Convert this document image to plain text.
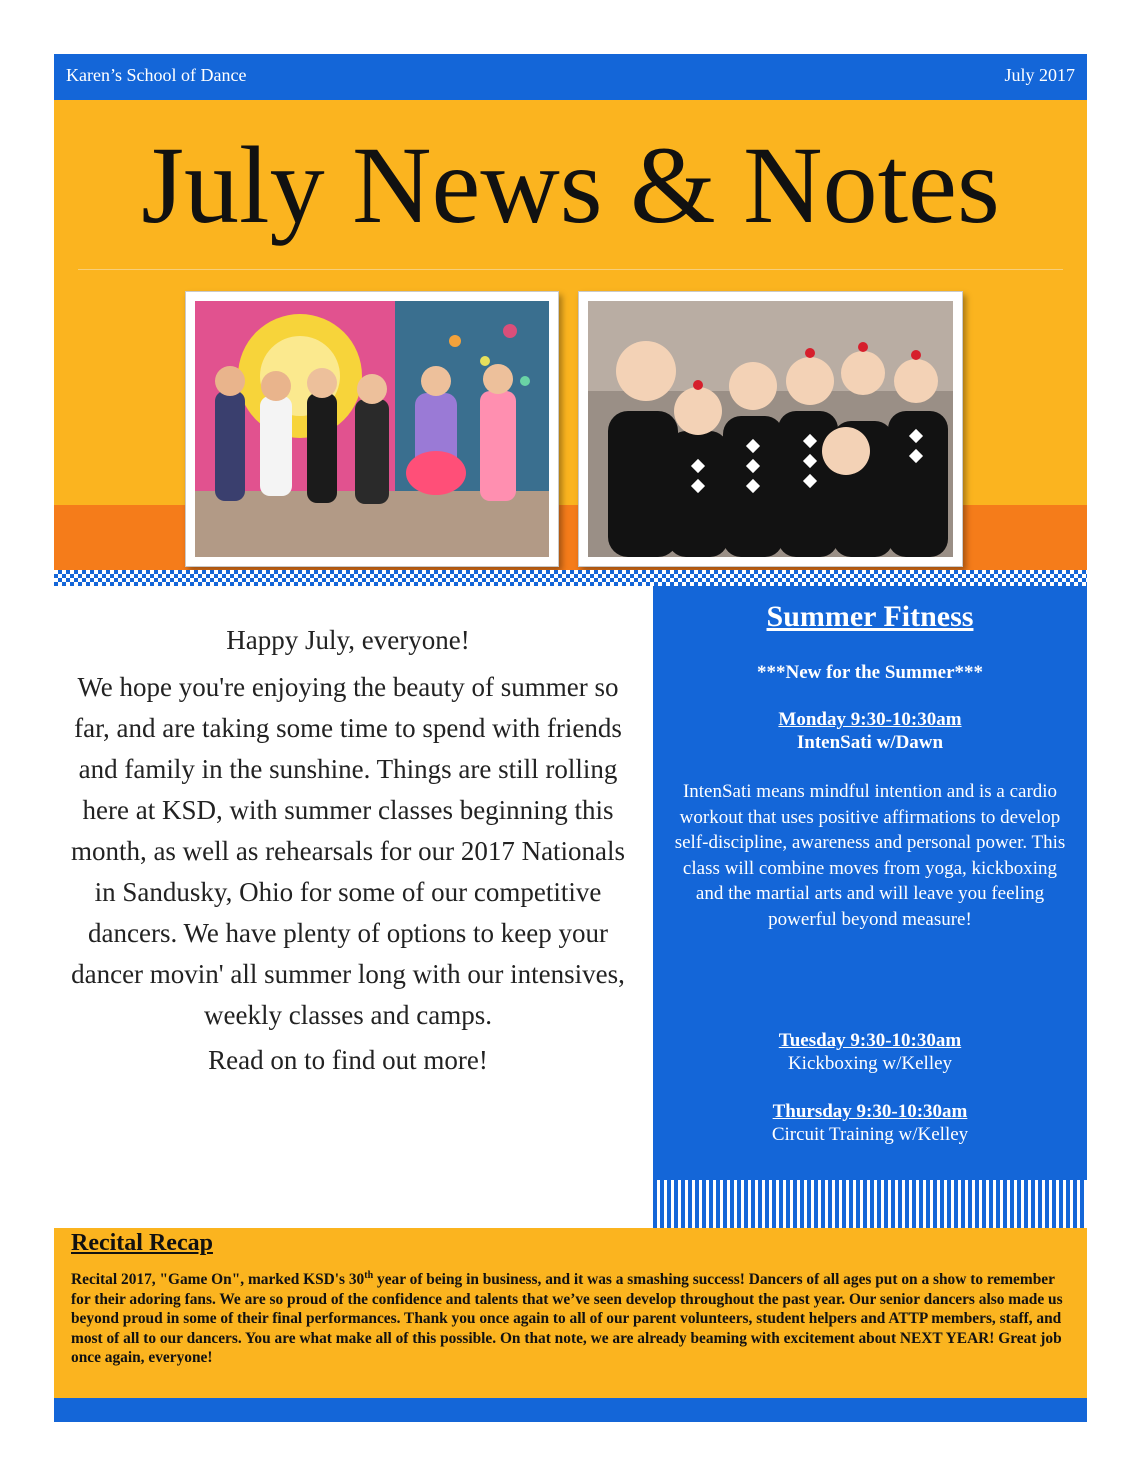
Karen’s School of Dance	July 2017
July News & Notes

Happy July, everyone!

We hope you're enjoying the beauty of summer so far, and are taking some time to spend with friends and family in the sunshine. Things are still rolling here at KSD, with summer classes beginning this month, as well as rehearsals for our 2017 Nationals in Sandusky, Ohio for some of our competitive dancers. We have plenty of options to keep your dancer movin' all summer long with our intensives, weekly classes and camps.

Read on to find out more!

Summer Fitness
***New for the Summer***
Monday 9:30-10:30am
IntenSati w/Dawn
IntenSati means mindful intention and is a cardio workout that uses positive affirmations to develop self-discipline, awareness and personal power. This class will combine moves from yoga, kickboxing and the martial arts and will leave you feeling powerful beyond measure!
Tuesday 9:30-10:30am
Kickboxing w/Kelley
Thursday 9:30-10:30am
Circuit Training w/Kelley
Recital Recap
Recital 2017, "Game On", marked KSD's 30th year of being in business, and it was a smashing success! Dancers of all ages put on a show to remember for their adoring fans. We are so proud of the confidence and talents that we’ve seen develop throughout the past year. Our senior dancers also made us beyond proud in some of their final performances. Thank you once again to all of our parent volunteers, student helpers and ATTP members, staff, and most of all to our dancers. You are what make all of this possible. On that note, we are already beaming with excitement about NEXT YEAR! Great job once again, everyone!
